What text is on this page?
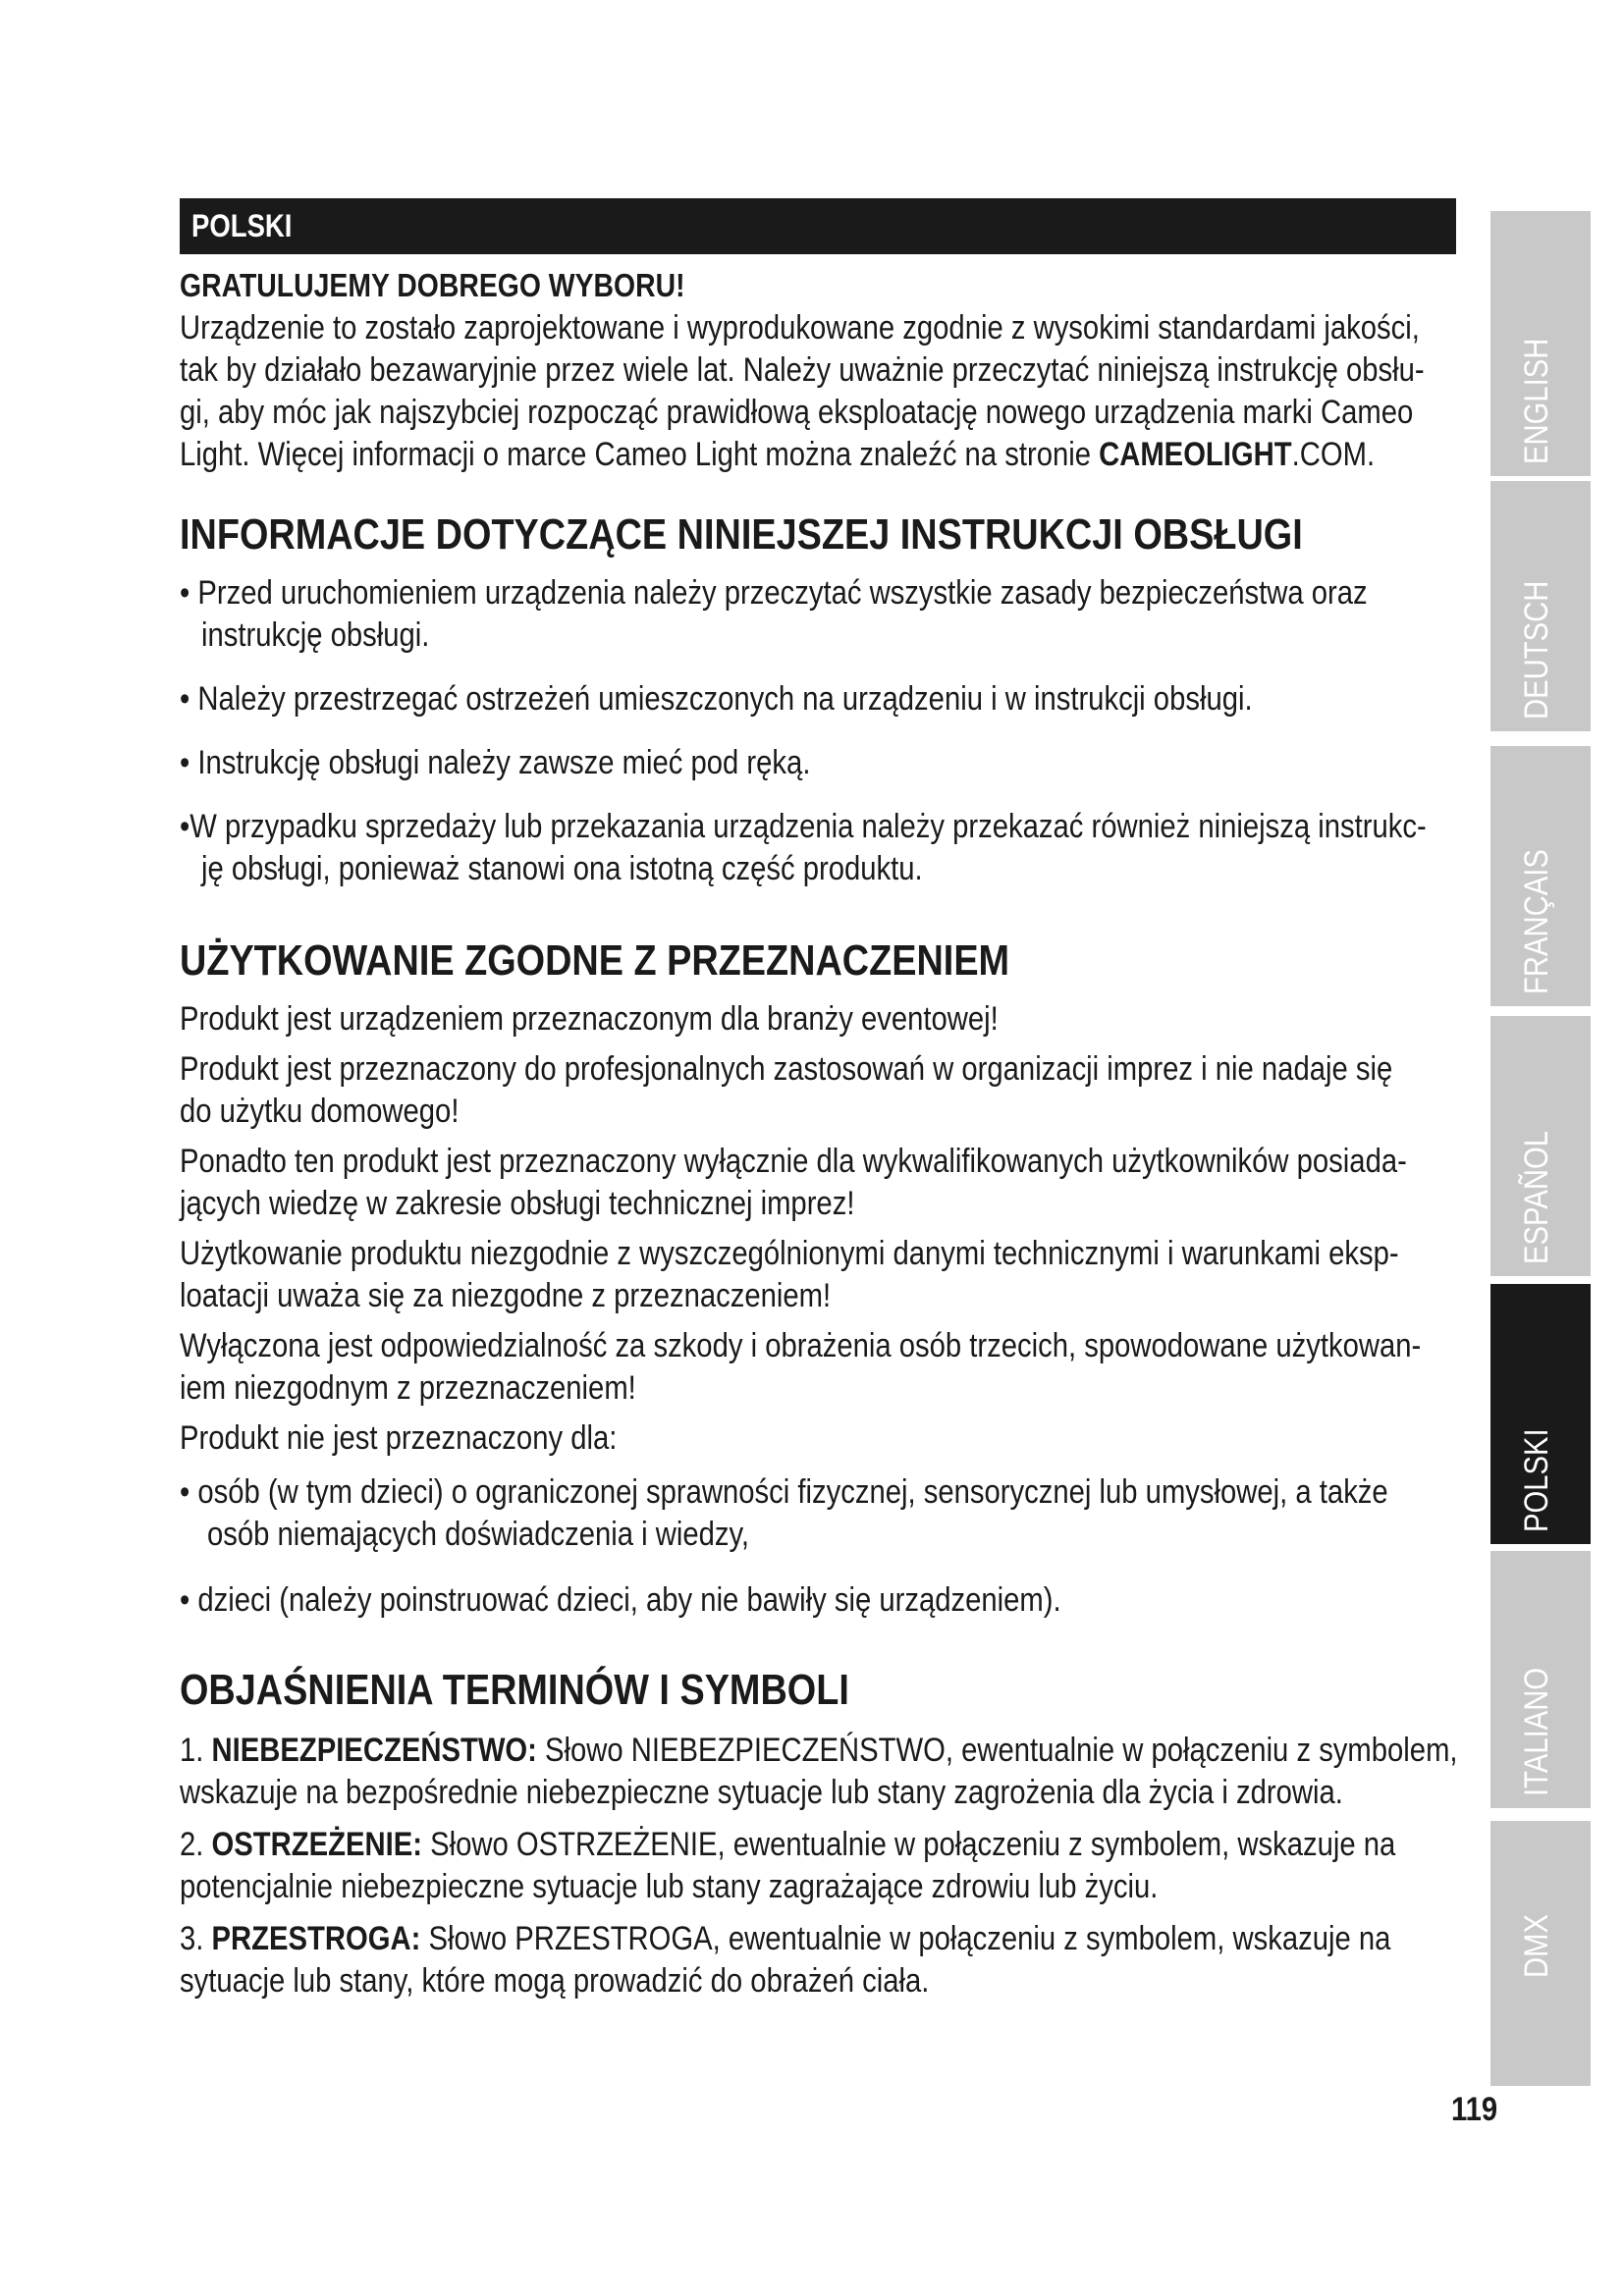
POLSKI
GRATULUJEMY DOBREGO WYBORU!
Urządzenie to zostało zaprojektowane i wyprodukowane zgodnie z wysokimi standardami jakości,
tak by działało bezawaryjnie przez wiele lat. Należy uważnie przeczytać niniejszą instrukcję obsłu-
gi, aby móc jak najszybciej rozpocząć prawidłową eksploatację nowego urządzenia marki Cameo
Light. Więcej informacji o marce Cameo Light można znaleźć na stronie CAMEOLIGHT.COM.
INFORMACJE DOTYCZĄCE NINIEJSZEJ INSTRUKCJI OBSŁUGI
• Przed uruchomieniem urządzenia należy przeczytać wszystkie zasady bezpieczeństwa oraz
instrukcję obsługi.
• Należy przestrzegać ostrzeżeń umieszczonych na urządzeniu i w instrukcji obsługi.
• Instrukcję obsługi należy zawsze mieć pod ręką.
•W przypadku sprzedaży lub przekazania urządzenia należy przekazać również niniejszą instrukc-
ję obsługi, ponieważ stanowi ona istotną część produktu.
UŻYTKOWANIE ZGODNE Z PRZEZNACZENIEM
Produkt jest urządzeniem przeznaczonym dla branży eventowej!
Produkt jest przeznaczony do profesjonalnych zastosowań w organizacji imprez i nie nadaje się
do użytku domowego!
Ponadto ten produkt jest przeznaczony wyłącznie dla wykwalifikowanych użytkowników posiada-
jących wiedzę w zakresie obsługi technicznej imprez!
Użytkowanie produktu niezgodnie z wyszczególnionymi danymi technicznymi i warunkami eksp-
loatacji uważa się za niezgodne z przeznaczeniem!
Wyłączona jest odpowiedzialność za szkody i obrażenia osób trzecich, spowodowane użytkowan-
iem niezgodnym z przeznaczeniem!
Produkt nie jest przeznaczony dla:
• osób (w tym dzieci) o ograniczonej sprawności fizycznej, sensorycznej lub umysłowej, a także
osób niemających doświadczenia i wiedzy,
• dzieci (należy poinstruować dzieci, aby nie bawiły się urządzeniem).
OBJAŚNIENIA TERMINÓW I SYMBOLI
1. NIEBEZPIECZEŃSTWO: Słowo NIEBEZPIECZEŃSTWO, ewentualnie w połączeniu z symbolem,
wskazuje na bezpośrednie niebezpieczne sytuacje lub stany zagrożenia dla życia i zdrowia.
2. OSTRZEŻENIE: Słowo OSTRZEŻENIE, ewentualnie w połączeniu z symbolem, wskazuje na
potencjalnie niebezpieczne sytuacje lub stany zagrażające zdrowiu lub życiu.
3. PRZESTROGA: Słowo PRZESTROGA, ewentualnie w połączeniu z symbolem, wskazuje na
sytuacje lub stany, które mogą prowadzić do obrażeń ciała.
ENGLISH
DEUTSCH
FRANÇAIS
ESPAÑOL
POLSKI
ITALIANO
DMX
119
